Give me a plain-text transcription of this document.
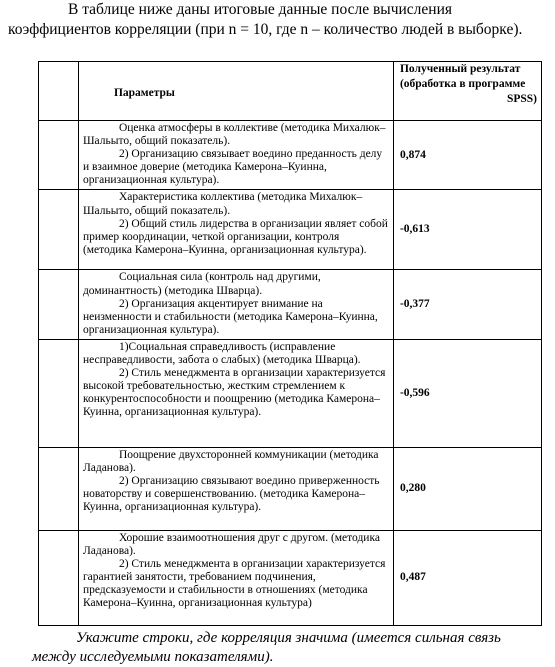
В таблице ниже даны итоговые данные после вычисления
коэффициентов корреляции (при n = 10, где n – количество людей в выборке).
	Параметры	Полученный результат (обработка в программе
SPSS)

	Оценка атмосферы в коллективе (методика Михалюк–Шальыто, общий показатель).
2) Организацию связывает воедино преданность делу и взаимное доверие (методика Камерона–Куинна, организационная культура).	0,874

	Характеристика коллектива (методика Михалюк–Шальыто, общий показатель).
2) Общий стиль лидерства в организации являет собой пример координации, четкой организации, контроля (методика Камерона–Куинна, организационная культура).	-0,613

	Социальная сила (контроль над другими, доминантность) (методика Шварца).
2) Организация акцентирует внимание на неизменности и стабильности (методика Камерона–Куинна, организационная культура).	-0,377

	1)Социальная справедливость (исправление несправедливости, забота о слабых) (методика Шварца).
2) Стиль менеджмента в организации характеризуется высокой требовательностью, жестким стремлением к конкурентоспособности и поощрению (методика Камерона–Куинна, организационная культура).	-0,596

	Поощрение двухсторонней коммуникации (методика Ладанова).
2) Организацию связывают воедино приверженность новаторству и совершенствованию. (методика Камерона–Куинна, организационная культура).	0,280

	Хорошие взаимоотношения друг с другом. (методика Ладанова).
2) Стиль менеджмента в организации характеризуется гарантией занятости, требованием подчинения, предсказуемости и стабильности в отношениях (методика Камерона–Куинна, организационная культура)	0,487
Укажите строки, где корреляция значима (имеется сильная связь между исследуемыми показателями).
